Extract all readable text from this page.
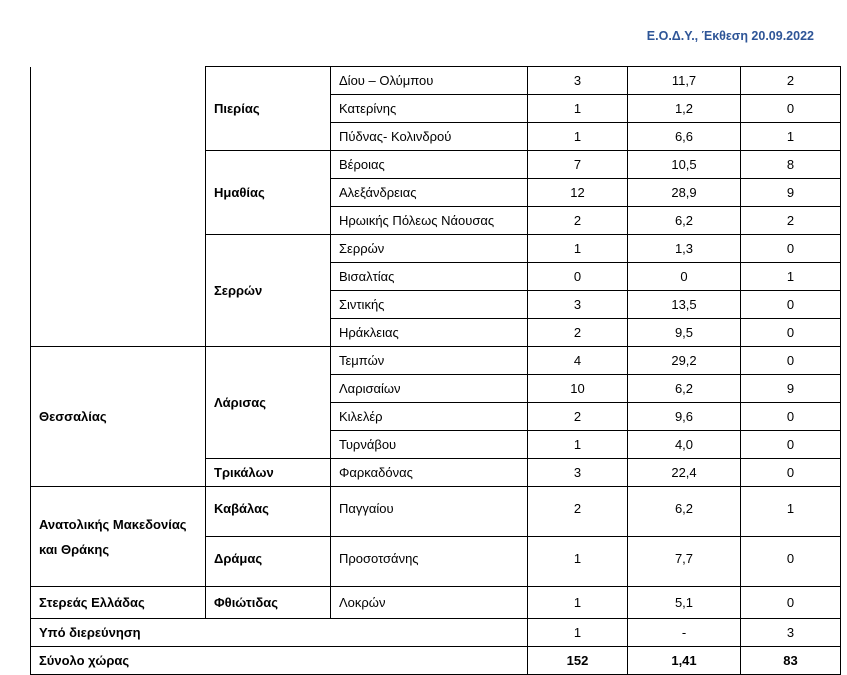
Ε.Ο.Δ.Υ., Έκθεση 20.09.2022
	Πιερίας	Δίου – Ολύμπου	3	11,7	2
		Κατερίνης	1	1,2	0
		Πύδνας- Κολινδρού	1	6,6	1
	Ημαθίας	Βέροιας	7	10,5	8
		Αλεξάνδρειας	12	28,9	9
		Ηρωικής Πόλεως Νάουσας	2	6,2	2
	Σερρών	Σερρών	1	1,3	0
		Βισαλτίας	0	0	1
		Σιντικής	3	13,5	0
		Ηράκλειας	2	9,5	0
Θεσσαλίας	Λάρισας	Τεμπών	4	29,2	0
		Λαρισαίων	10	6,2	9
		Κιλελέρ	2	9,6	0
		Τυρνάβου	1	4,0	0
	Τρικάλων	Φαρκαδόνας	3	22,4	0
Ανατολικής Μακεδονίας και Θράκης	Καβάλας	Παγγαίου	2	6,2	1
	Δράμας	Προσοτσάνης	1	7,7	0
Στερεάς Ελλάδας	Φθιώτιδας	Λοκρών	1	5,1	0
Υπό διερεύνηση			1	-	3
Σύνολο χώρας			152	1,41	83
